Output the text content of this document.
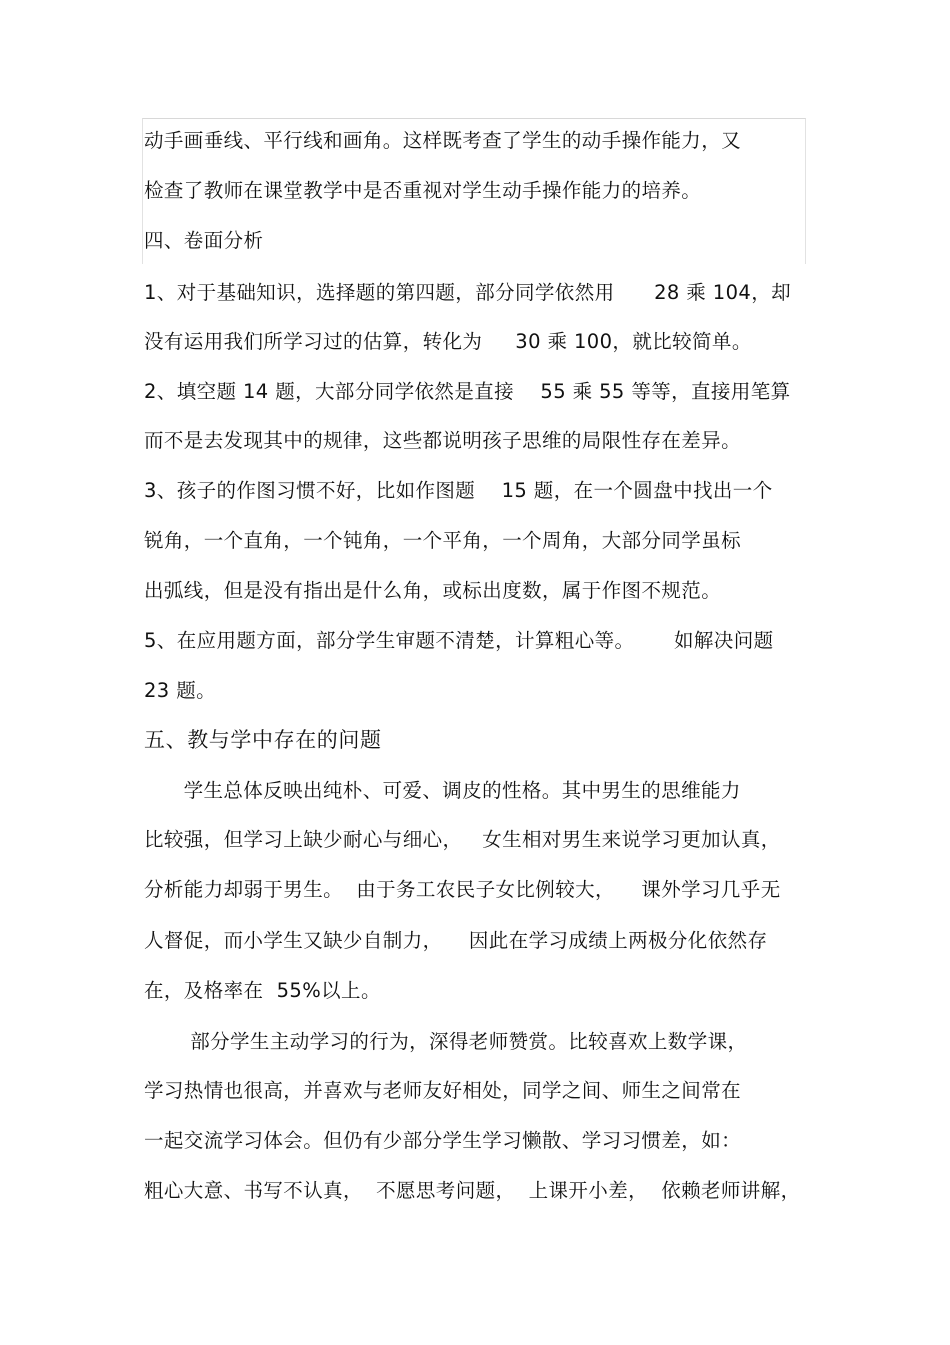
动手画垂线、平行线和画角。这样既考查了学生的动手操作能力，又

检查了教师在课堂教学中是否重视对学生动手操作能力的培养。

四、卷面分析

1、对于基础知识，选择题的第四题，部分同学依然用      28 乘 104，却

没有运用我们所学习过的估算，转化为     30 乘 100，就比较简单。

2、填空题 14 题，大部分同学依然是直接    55 乘 55 等等，直接用笔算

而不是去发现其中的规律，这些都说明孩子思维的局限性存在差异。

3、孩子的作图习惯不好，比如作图题    15 题，在一个圆盘中找出一个

锐角，一个直角，一个钝角，一个平角，一个周角，大部分同学虽标

出弧线，但是没有指出是什么角，或标出度数，属于作图不规范。

5、在应用题方面，部分学生审题不清楚，计算粗心等。      如解决问题

23 题。

五、教与学中存在的问题

学生总体反映出纯朴、可爱、调皮的性格。其中男生的思维能力

比较强，但学习上缺少耐心与细心，   女生相对男生来说学习更加认真，

分析能力却弱于男生。  由于务工农民子女比例较大，    课外学习几乎无

人督促，而小学生又缺少自制力，    因此在学习成绩上两极分化依然存

在，及格率在  55%以上。

部分学生主动学习的行为，深得老师赞赏。比较喜欢上数学课，

学习热情也很高，并喜欢与老师友好相处，同学之间、师生之间常在

一起交流学习体会。但仍有少部分学生学习懒散、学习习惯差，如：

粗心大意、书写不认真，  不愿思考问题，  上课开小差，  依赖老师讲解，
